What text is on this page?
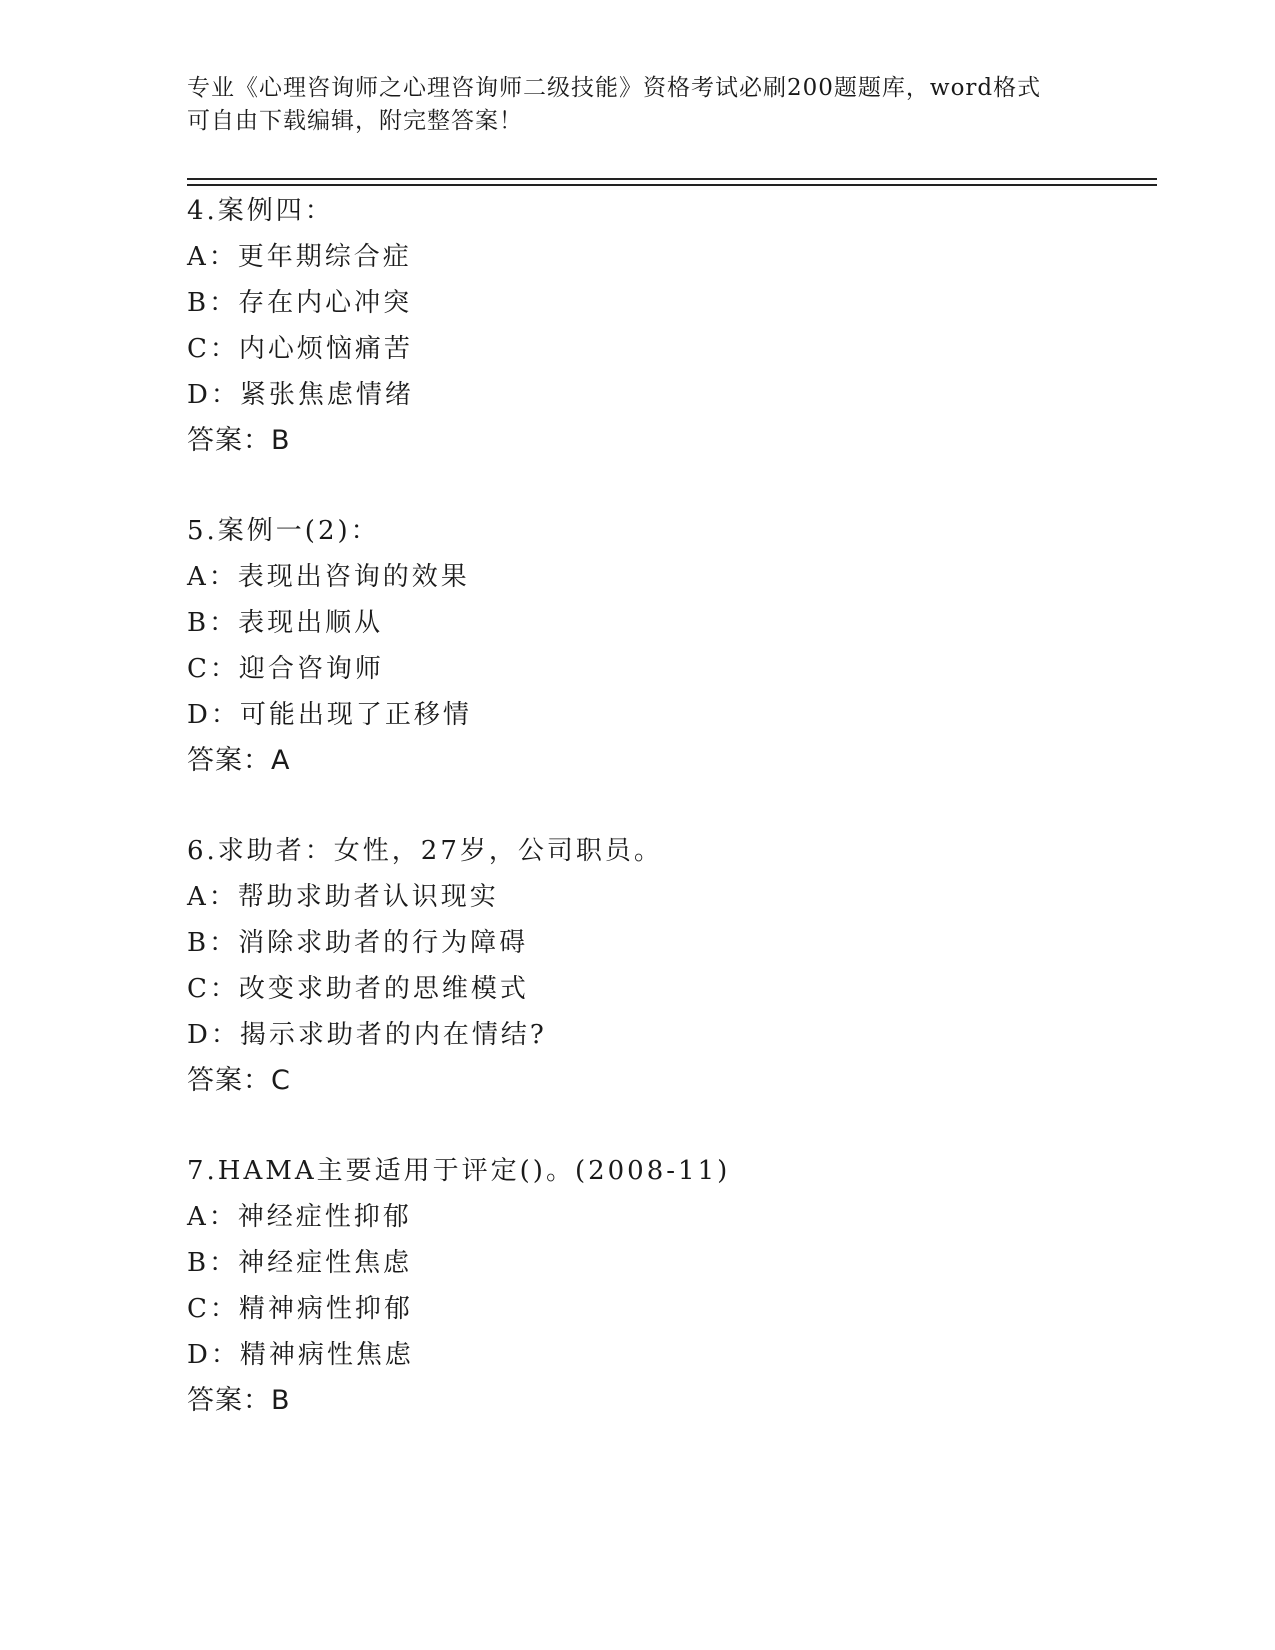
专业《心理咨询师之心理咨询师二级技能》资格考试必刷200题题库，word格式
可自由下载编辑，附完整答案！
4.案例四：
A：更年期综合症
B：存在内心冲突
C：内心烦恼痛苦
D：紧张焦虑情绪
答案：B
5.案例一(2)：
A：表现出咨询的效果
B：表现出顺从
C：迎合咨询师
D：可能出现了正移情
答案：A
6.求助者：女性，27岁，公司职员。
A：帮助求助者认识现实
B：消除求助者的行为障碍
C：改变求助者的思维模式
D：揭示求助者的内在情结?
答案：C
7.HAMA主要适用于评定()。(2008-11)
A：神经症性抑郁
B：神经症性焦虑
C：精神病性抑郁
D：精神病性焦虑
答案：B
